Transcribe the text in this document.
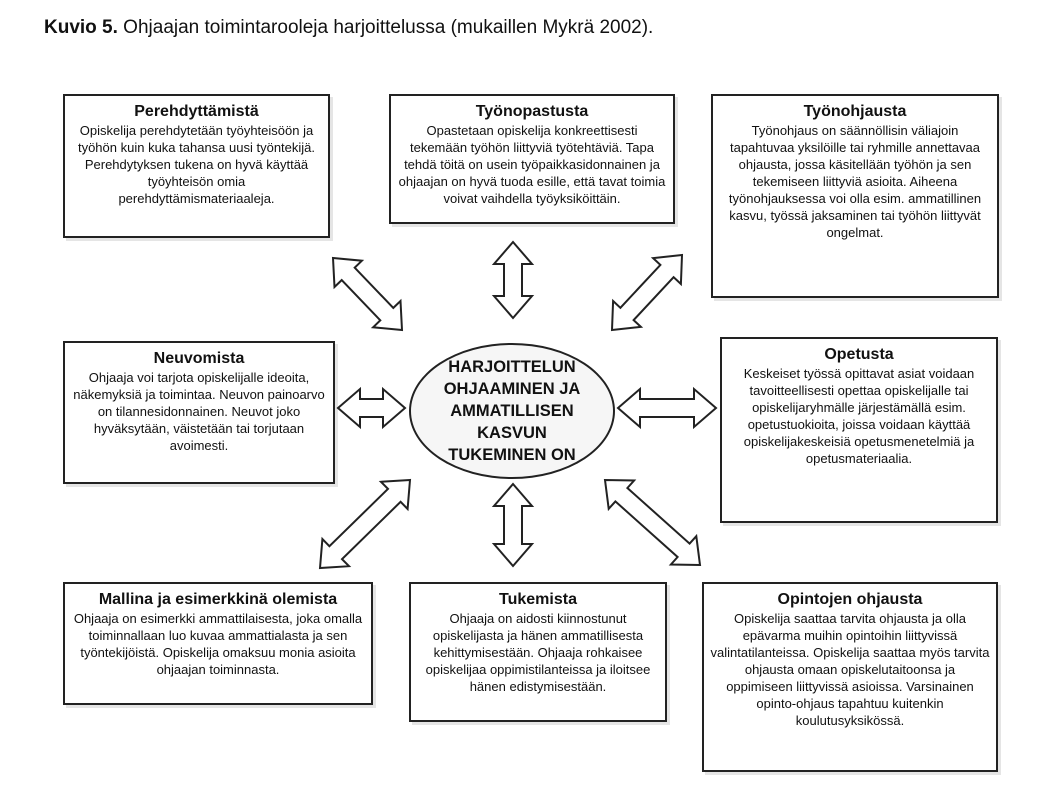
Kuvio 5. Ohjaajan toimintarooleja harjoittelussa (mukaillen Mykrä 2002).
Perehdyttämistä
Opiskelija perehdytetään työyhteisöön ja työhön kuin kuka tahansa uusi työntekijä. Perehdytyksen tukena on hyvä käyttää työyhteisön omia perehdyttämismateriaaleja.
Työnopastusta
Opastetaan opiskelija konkreettisesti tekemään työhön liittyviä työtehtäviä. Tapa tehdä töitä on usein työpaikkasidonnainen ja ohjaajan on hyvä tuoda esille, että tavat toimia voivat vaihdella työyksiköittäin.
Työnohjausta
Työnohjaus on säännöllisin väliajoin tapahtuvaa yksilöille tai ryhmille annettavaa ohjausta, jossa käsitellään työhön ja sen tekemiseen liittyviä asioita. Aiheena työnohjauksessa voi olla esim. ammatillinen kasvu, työssä jaksaminen tai työhön liittyvät ongelmat.
Neuvomista
Ohjaaja voi tarjota opiskelijalle ideoita, näkemyksiä ja toimintaa. Neuvon painoarvo on tilannesidonnainen. Neuvot joko hyväksytään, väistetään tai torjutaan avoimesti.
Opetusta
Keskeiset työssä opittavat asiat voidaan tavoitteellisesti opettaa opiskelijalle tai opiskelijaryhmälle järjestämällä esim. opetustuokioita, joissa voidaan käyttää opiskelijakeskeisiä opetusmenetelmiä ja opetusmateriaalia.
Mallina ja esimerkkinä olemista
Ohjaaja on esimerkki ammattilaisesta, joka omalla toiminnallaan luo kuvaa ammattialasta ja sen työntekijöistä. Opiskelija omaksuu monia asioita ohjaajan toiminnasta.
Tukemista
Ohjaaja on aidosti kiinnostunut opiskelijasta ja hänen ammatillisesta kehittymisestään. Ohjaaja rohkaisee opiskelijaa oppimistilanteissa ja iloitsee hänen edistymisestään.
Opintojen ohjausta
Opiskelija saattaa tarvita ohjausta ja olla epävarma muihin opintoihin liittyvissä valintatilanteissa. Opiskelija saattaa myös tarvita ohjausta omaan opiskelutaitoonsa ja oppimiseen liittyvissä asioissa. Varsinainen opinto-ohjaus tapahtuu kuitenkin koulutusyksikössä.
HARJOITTELUN
OHJAAMINEN JA
AMMATILLISEN
KASVUN
TUKEMINEN ON
